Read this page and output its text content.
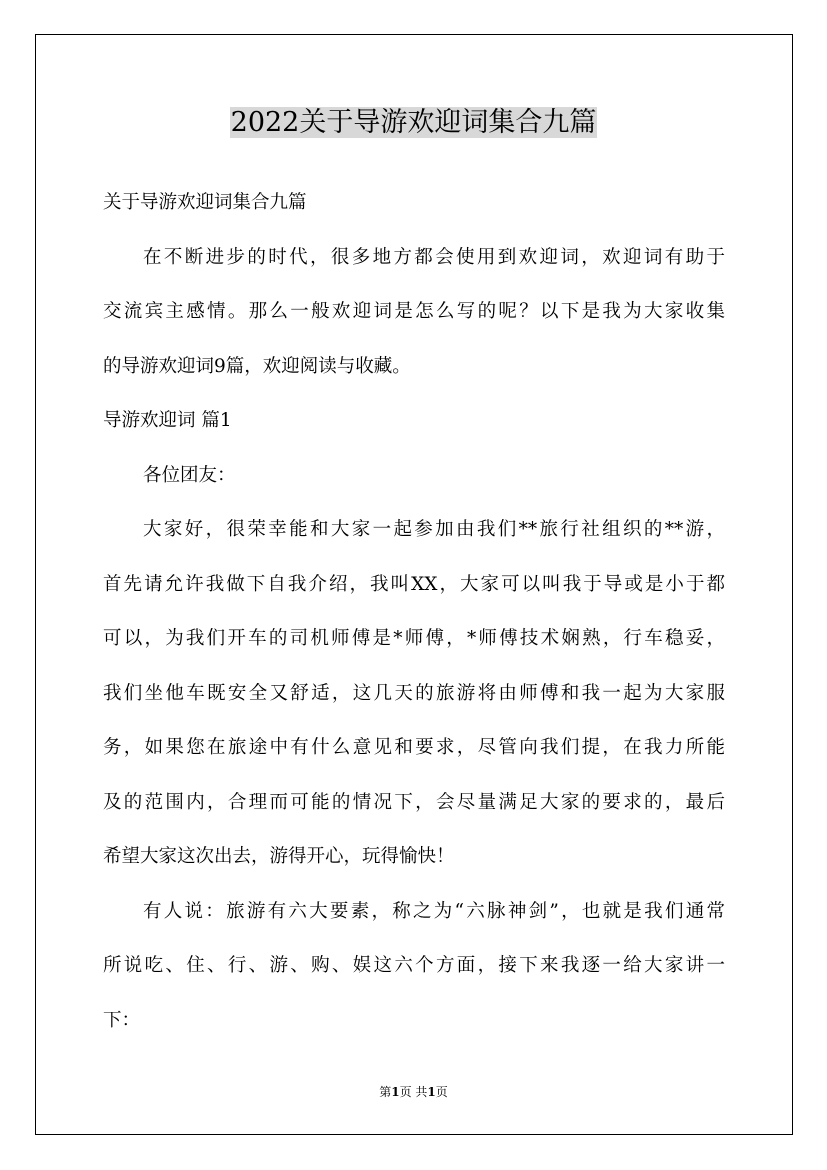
2022关于导游欢迎词集合九篇
关于导游欢迎词集合九篇
在不断进步的时代，很多地方都会使用到欢迎词，欢迎词有助于
交流宾主感情。那么一般欢迎词是怎么写的呢？以下是我为大家收集
的导游欢迎词9篇，欢迎阅读与收藏。
导游欢迎词 篇1
各位团友：
大家好，很荣幸能和大家一起参加由我们**旅行社组织的**游，
首先请允许我做下自我介绍，我叫XX，大家可以叫我于导或是小于都
可以，为我们开车的司机师傅是*师傅，*师傅技术娴熟，行车稳妥，
我们坐他车既安全又舒适，这几天的旅游将由师傅和我一起为大家服
务，如果您在旅途中有什么意见和要求，尽管向我们提，在我力所能
及的范围内，合理而可能的情况下，会尽量满足大家的要求的，最后
希望大家这次出去，游得开心，玩得愉快！
有人说：旅游有六大要素，称之为“六脉神剑”，也就是我们通常
所说吃、住、行、游、购、娱这六个方面，接下来我逐一给大家讲一
下：
第1页 共1页
